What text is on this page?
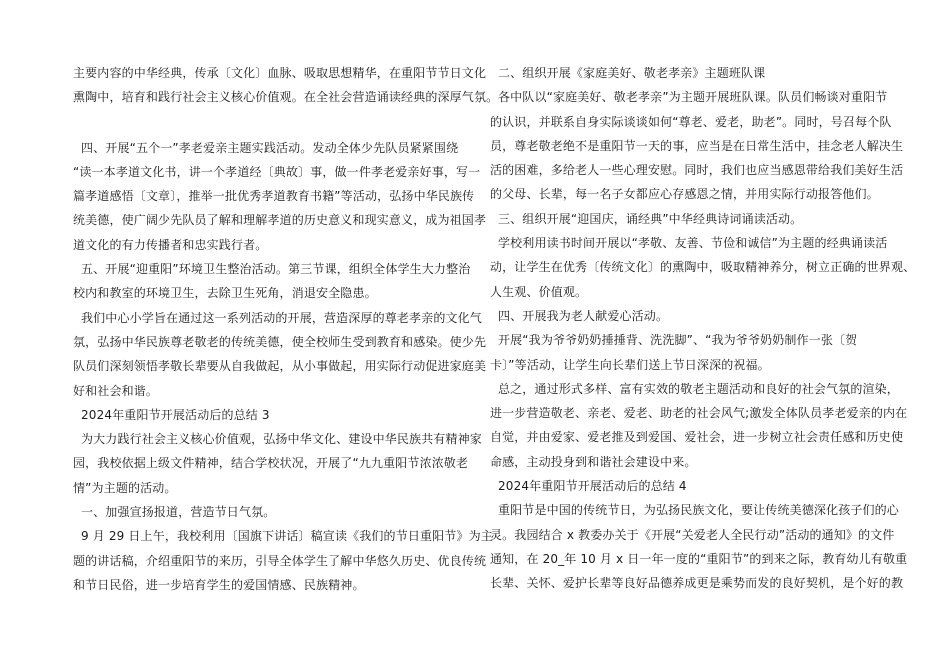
主要内容的中华经典，传承〔文化〕血脉、吸取思想精华，在重阳节节日文化
熏陶中，培育和践行社会主义核心价值观。在全社会营造诵读经典的深厚气氛。
四、开展“五个一”孝老爱亲主题实践活动。发动全体少先队员紧紧围绕
“读一本孝道文化书，讲一个孝道经〔典故〕事，做一件孝老爱亲好事，写一
篇孝道感悟〔文章〕，推举一批优秀孝道教育书籍”等活动，弘扬中华民族传
统美德，使广阔少先队员了解和理解孝道的历史意义和现实意义，成为祖国孝
道文化的有力传播者和忠实践行者。
五、开展“迎重阳”环境卫生整治活动。第三节课，组织全体学生大力整治
校内和教室的环境卫生，去除卫生死角，消退安全隐患。
我们中心小学旨在通过这一系列活动的开展，营造深厚的尊老孝亲的文化气
氛，弘扬中华民族尊老敬老的传统美德，使全校师生受到教育和感染。使少先
队员们深刻领悟孝敬长辈要从自我做起，从小事做起，用实际行动促进家庭美
好和社会和谐。
2024年重阳节开展活动后的总结 3
为大力践行社会主义核心价值观，弘扬中华文化、建设中华民族共有精神家
园，我校依据上级文件精神，结合学校状况，开展了“九九重阳节浓浓敬老
情”为主题的活动。
一、加强宣扬报道，营造节日气氛。
9 月 29 日上午，我校利用〔国旗下讲话〕稿宣读《我们的节日重阳节》为主
题的讲话稿，介绍重阳节的来历，引导全体学生了解中华悠久历史、优良传统
和节日民俗，进一步培育学生的爱国情感、民族精神。
二、组织开展《家庭美好、敬老孝亲》主题班队课
各中队以“家庭美好、敬老孝亲”为主题开展班队课。队员们畅谈对重阳节
的认识，并联系自身实际谈谈如何“尊老、爱老，助老”。同时，号召每个队
员，尊老敬老绝不是重阳节一天的事，应当是在日常生活中，挂念老人解决生
活的困难，多给老人一些心理安慰。同时，我们也应当感恩带给我们美好生活
的父母、长辈，每一名子女都应心存感恩之情，并用实际行动报答他们。
三、组织开展“迎国庆，诵经典”中华经典诗词诵读活动。
学校利用读书时间开展以“孝敬、友善、节俭和诚信”为主题的经典诵读活
动，让学生在优秀〔传统文化〕的熏陶中，吸取精神养分，树立正确的世界观、
人生观、价值观。
四、开展我为老人献爱心活动。
开展“我为爷爷奶奶捶捶背、洗洗脚”、“我为爷爷奶奶制作一张〔贺
卡〕”等活动，让学生向长辈们送上节日深深的祝福。
总之，通过形式多样、富有实效的敬老主题活动和良好的社会气氛的渲染，
进一步营造敬老、亲老、爱老、助老的社会风气;激发全体队员孝老爱亲的内在
自觉，并由爱家、爱老推及到爱国、爱社会，进一步树立社会责任感和历史使
命感，主动投身到和谐社会建设中来。
2024年重阳节开展活动后的总结 4
重阳节是中国的传统节日，为弘扬民族文化，要让传统美德深化孩子们的心
灵。我园结合 x 教委办关于《开展“关爱老人全民行动”活动的通知》的文件
通知，在 20_年 10 月 x 日一年一度的“重阳节”的到来之际，教育幼儿有敬重
长辈、关怀、爱护长辈等良好品德养成更是乘势而发的良好契机，是个好的教
